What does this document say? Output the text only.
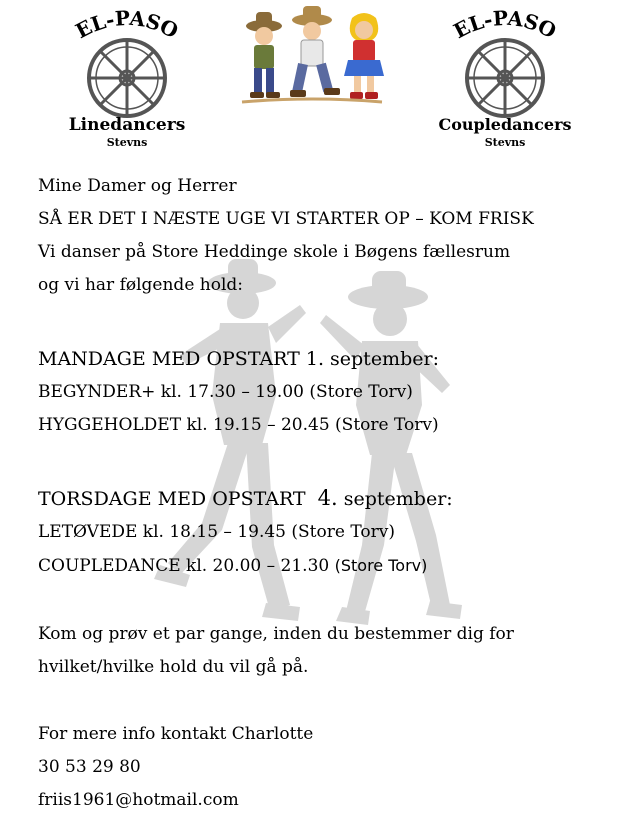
EL-PASO
Linedancers
Stevns
EL-PASO
Coupledancers
Stevns
Mine Damer og Herrer
SÅ ER DET I NÆSTE UGE VI STARTER OP – KOM FRISK
Vi danser på Store Heddinge skole i Bøgens fællesrum
og vi har følgende hold:
MANDAGE MED OPSTART 1. september:
BEGYNDER+ kl. 17.30 – 19.00 (Store Torv)
HYGGEHOLDET kl. 19.15 – 20.45 (Store Torv)
TORSDAGE MED OPSTART  4. september:
LETØVEDE kl. 18.15 – 19.45 (Store Torv)
COUPLEDANCE kl. 20.00 – 21.30 (Store Torv)
Kom og prøv et par gange, inden du bestemmer dig for
hvilket/hvilke hold du vil gå på.
For mere info kontakt Charlotte
30 53 29 80
friis1961@hotmail.com
